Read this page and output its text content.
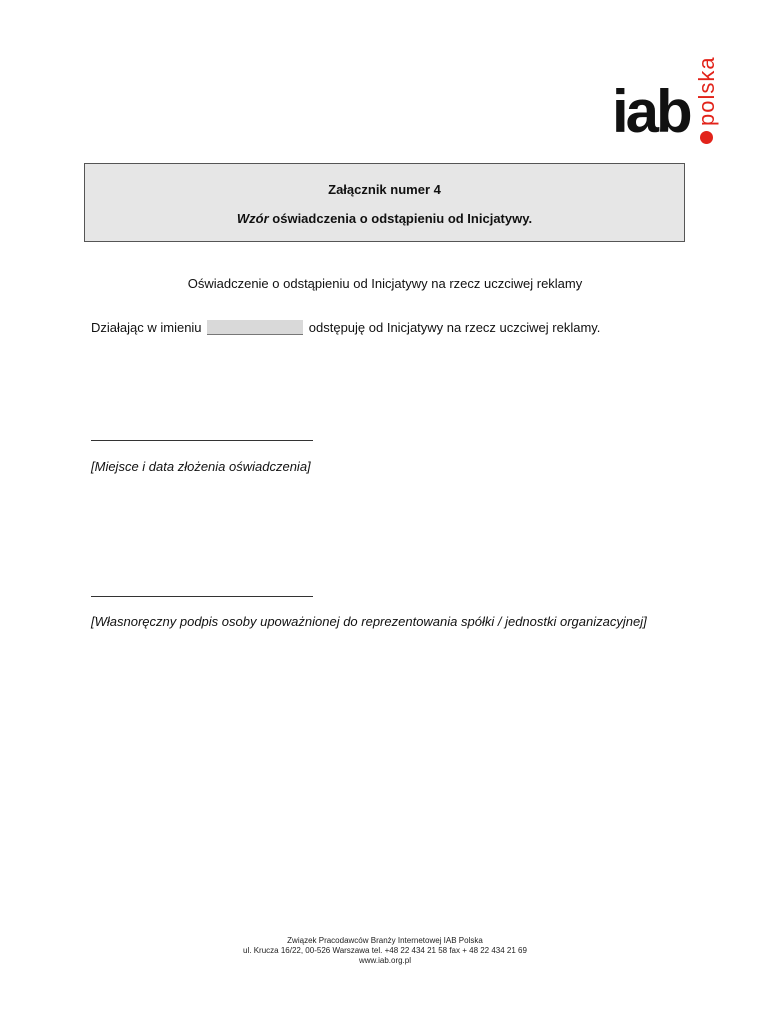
iab polska
Załącznik numer 4
Wzór oświadczenia o odstąpieniu od Inicjatywy.
Oświadczenie o odstąpieniu od Inicjatywy na rzecz uczciwej reklamy
Działając w imieniu	odstępuję od Inicjatywy na rzecz uczciwej reklamy.
[Miejsce i data złożenia oświadczenia]
[Własnoręczny podpis osoby upoważnionej do reprezentowania spółki / jednostki organizacyjnej]
Związek Pracodawców Branży Internetowej IAB Polska
ul. Krucza 16/22, 00-526 Warszawa tel. +48 22 434 21 58 fax + 48 22 434 21 69
www.iab.org.pl
